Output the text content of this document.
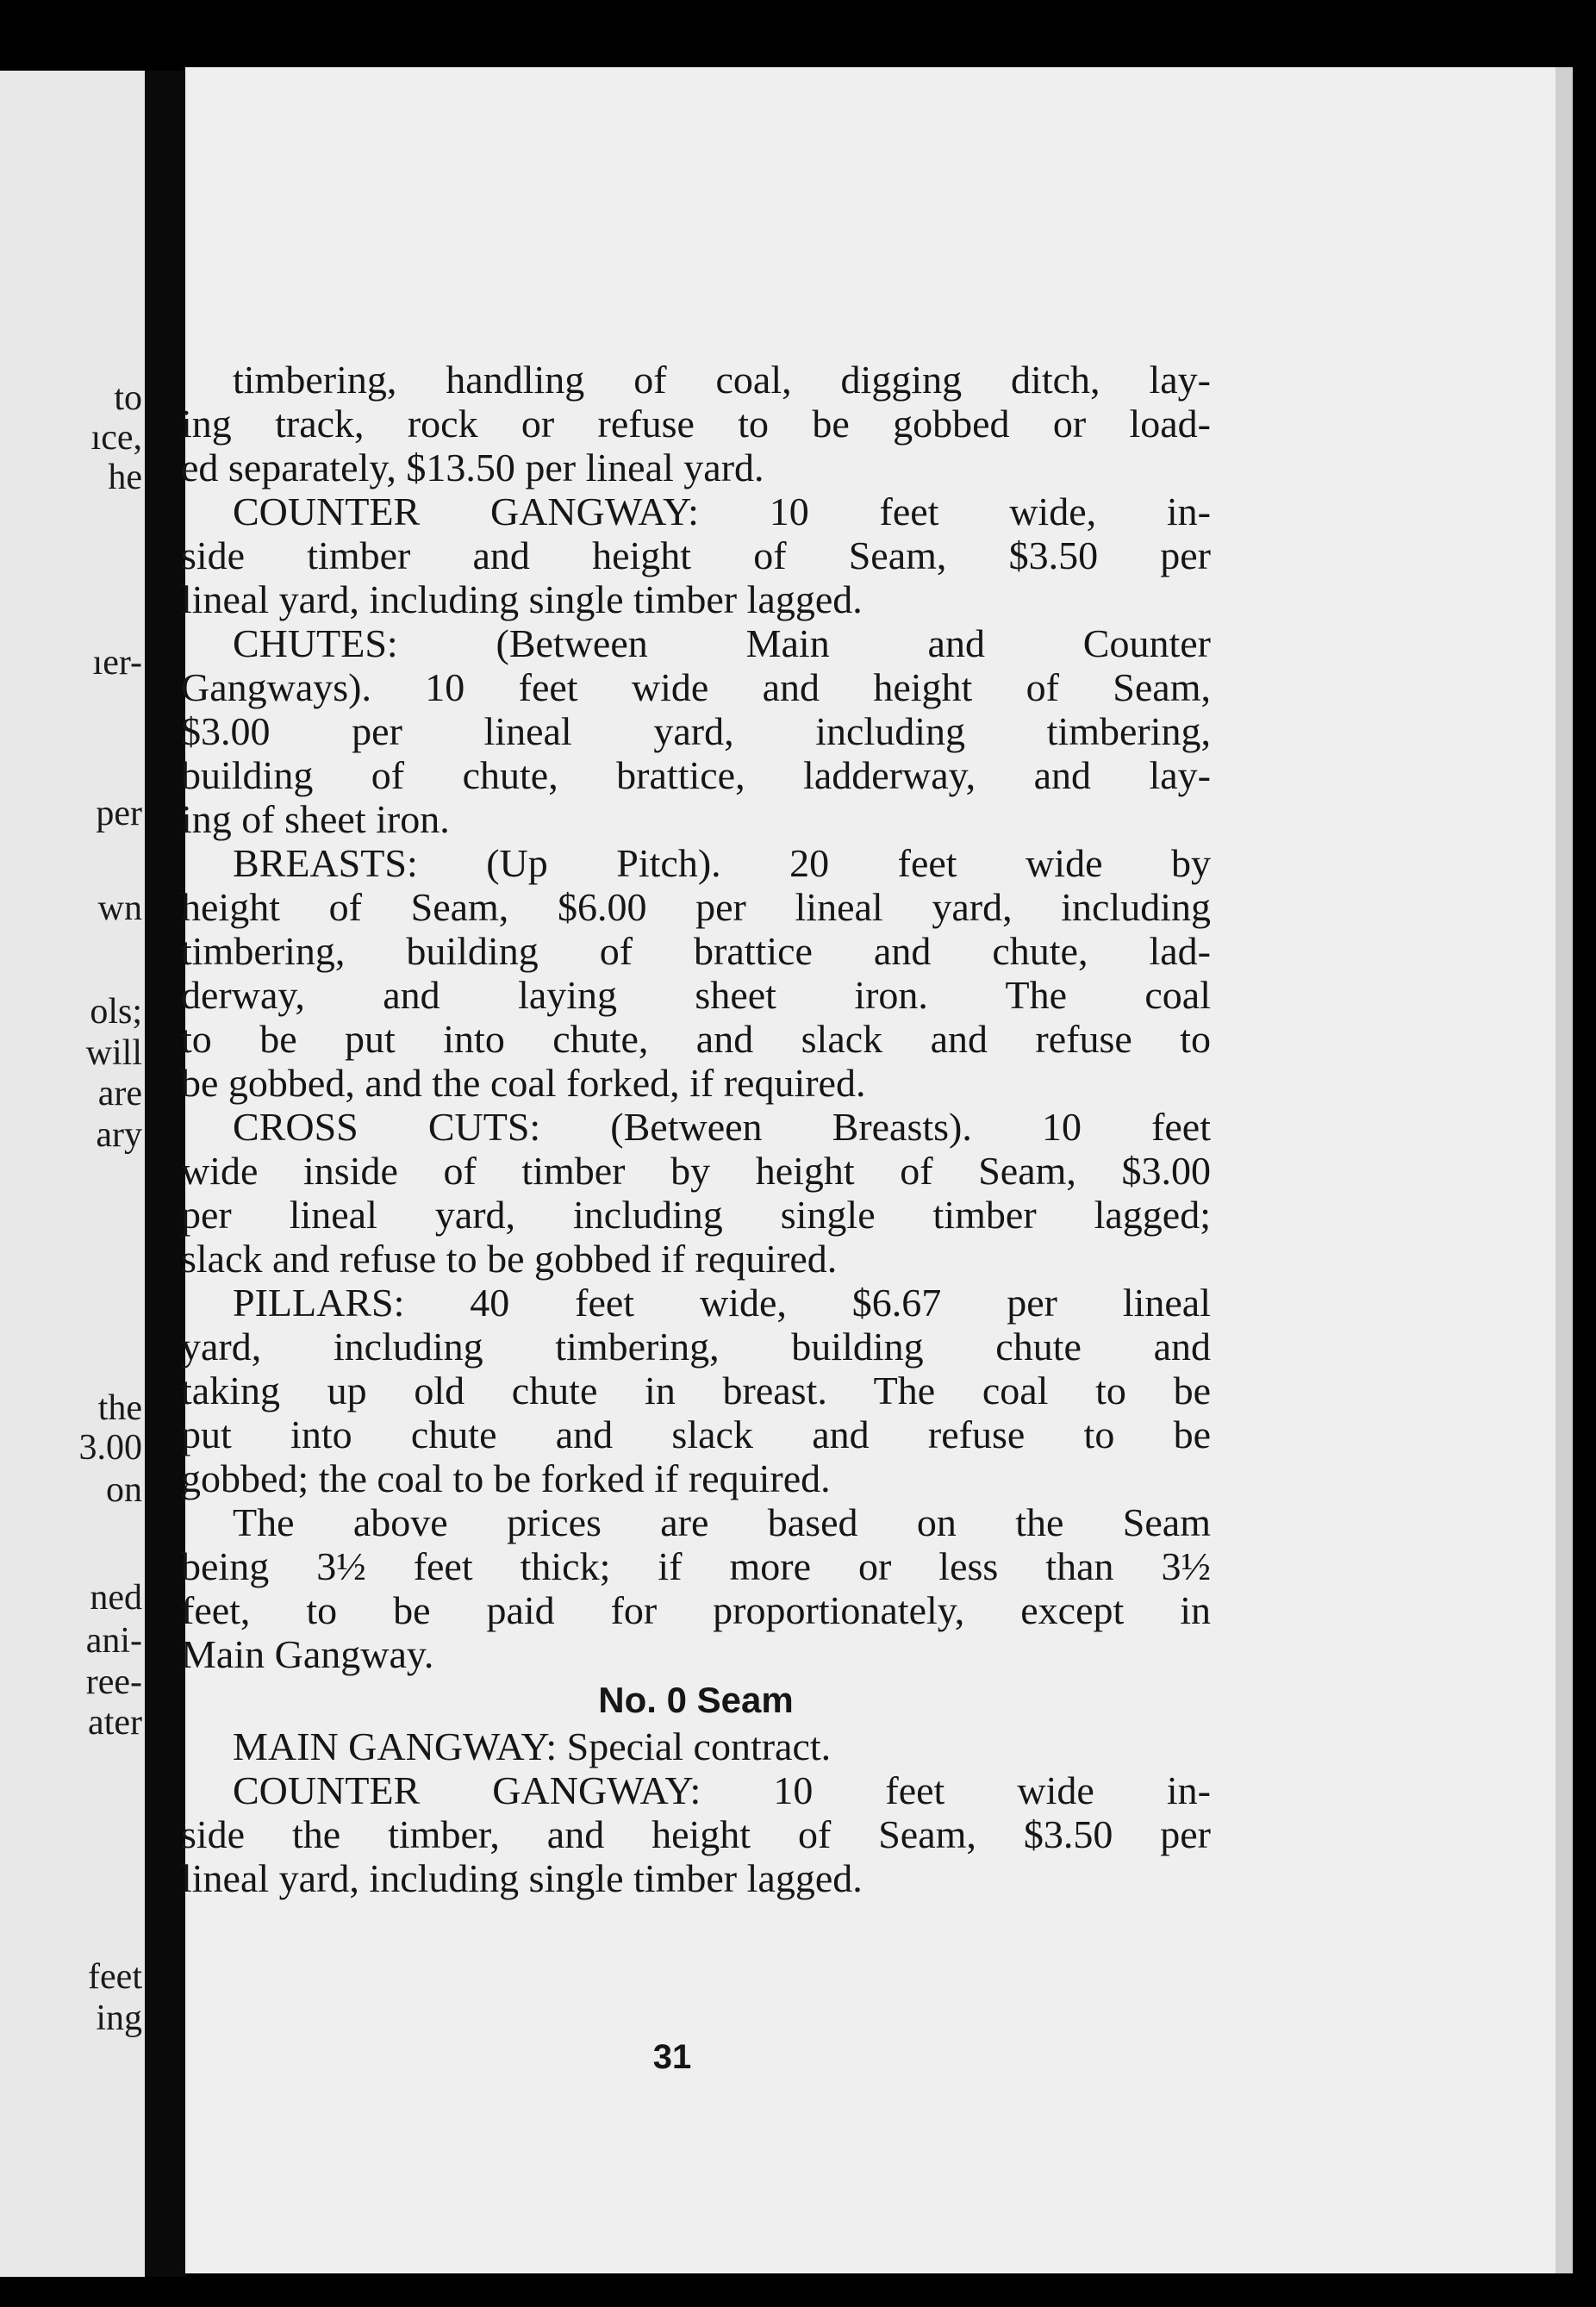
to
ıce,
he
ıer-
per
wn
ols;
will
are
ary
the
3.00
on
ned
ani-
ree-
ater
feet
ing
timbering, handling of coal, digging ditch, lay-
ing track, rock or refuse to be gobbed or load-
ed separately, $13.50 per lineal yard.
COUNTER GANGWAY: 10 feet wide, in-
side timber and height of Seam, $3.50 per
lineal yard, including single timber lagged.
CHUTES: (Between Main and Counter
Gangways). 10 feet wide and height of Seam,
$3.00 per lineal yard, including timbering,
building of chute, brattice, ladderway, and lay-
ing of sheet iron.
BREASTS: (Up Pitch). 20 feet wide by
height of Seam, $6.00 per lineal yard, including
timbering, building of brattice and chute, lad-
derway, and laying sheet iron. The coal
to be put into chute, and slack and refuse to
be gobbed, and the coal forked, if required.
CROSS CUTS: (Between Breasts). 10 feet
wide inside of timber by height of Seam, $3.00
per lineal yard, including single timber lagged;
slack and refuse to be gobbed if required.
PILLARS: 40 feet wide, $6.67 per lineal
yard, including timbering, building chute and
taking up old chute in breast. The coal to be
put into chute and slack and refuse to be
gobbed; the coal to be forked if required.
The above prices are based on the Seam
being 3½ feet thick; if more or less than 3½
feet, to be paid for proportionately, except in
Main Gangway.
No. 0 Seam
MAIN GANGWAY: Special contract.
COUNTER GANGWAY: 10 feet wide in-
side the timber, and height of Seam, $3.50 per
lineal yard, including single timber lagged.
31
